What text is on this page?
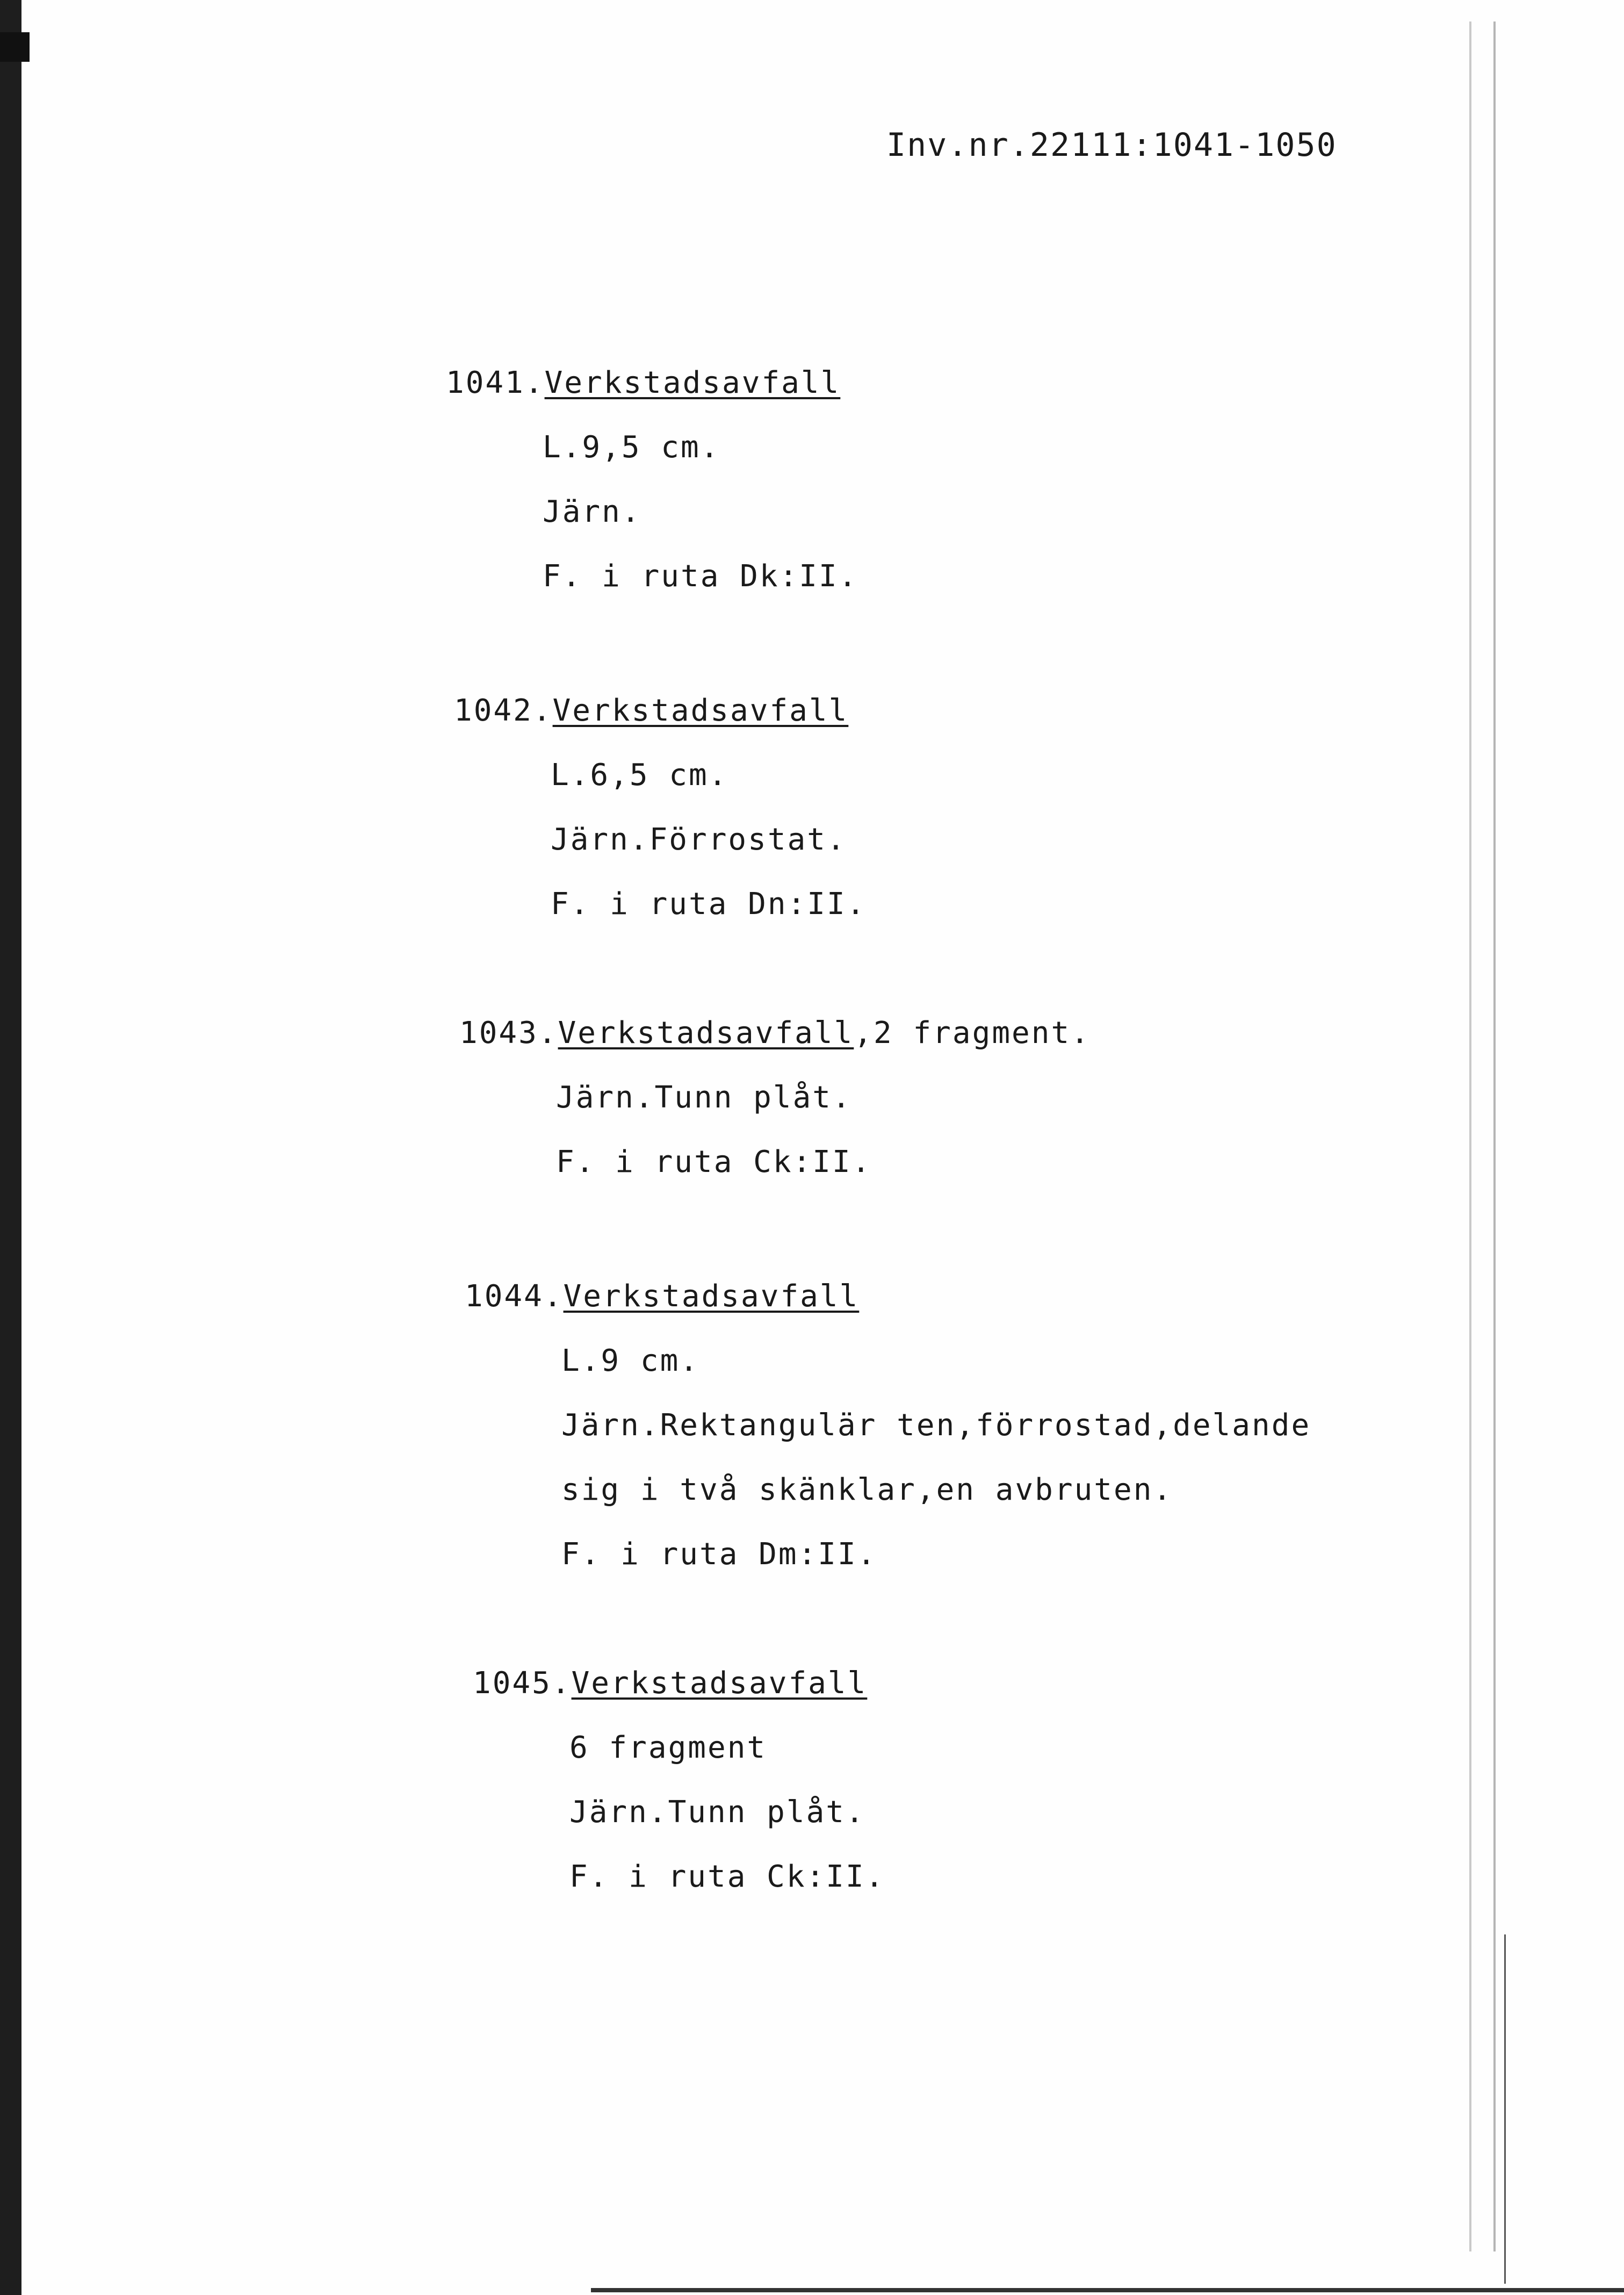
Inv.nr.22111:1041-1050
1041.Verkstadsavfall
L.9,5 cm.
Järn.
F. i ruta Dk:II.
1042.Verkstadsavfall
L.6,5 cm.
Järn.Förrostat.
F. i ruta Dn:II.
1043.Verkstadsavfall,2 fragment.
Järn.Tunn plåt.
F. i ruta Ck:II.
1044.Verkstadsavfall
L.9 cm.
Järn.Rektangulär ten,förrostad,delande
sig i två skänklar,en avbruten.
F. i ruta Dm:II.
1045.Verkstadsavfall
6 fragment
Järn.Tunn plåt.
F. i ruta Ck:II.
